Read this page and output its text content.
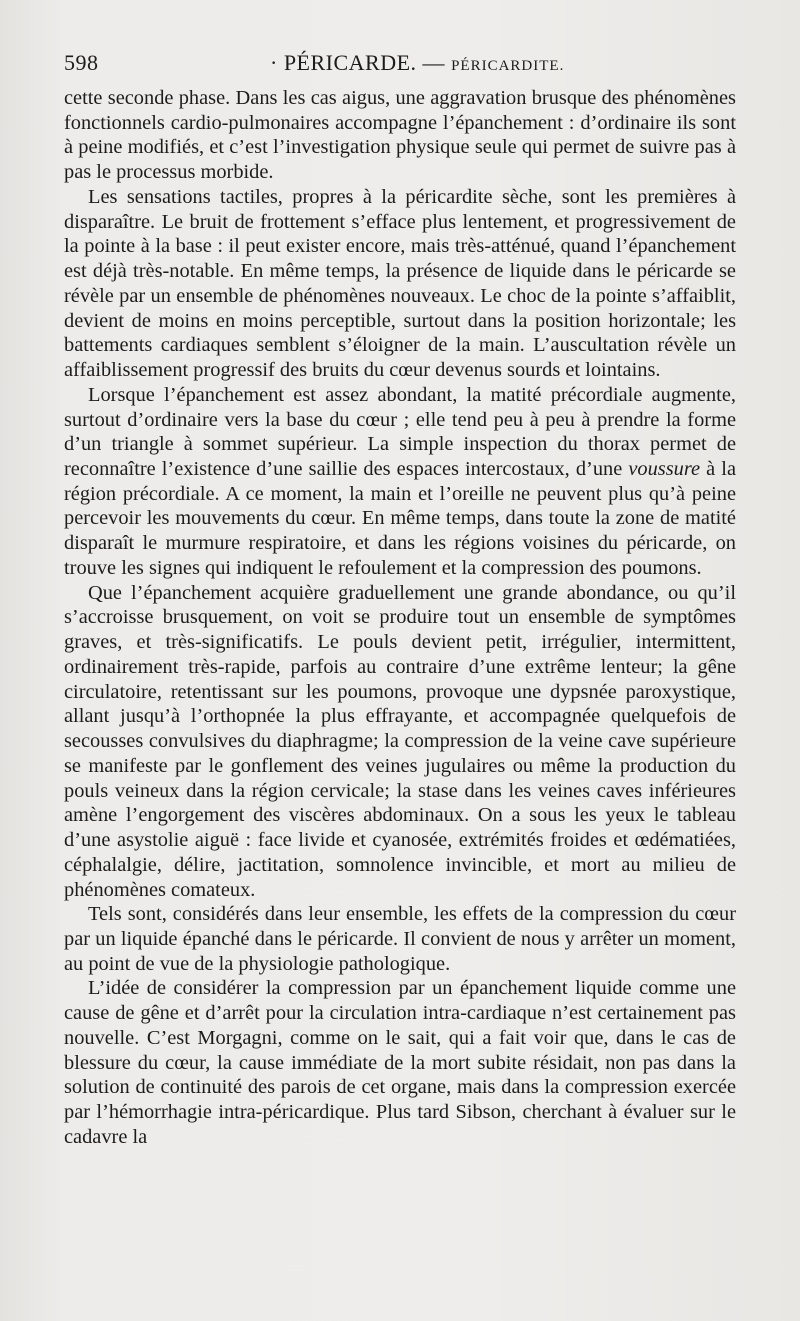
598	· PÉRICARDE. — PÉRICARDITE.

cette seconde phase. Dans les cas aigus, une aggravation brusque des phénomènes fonctionnels cardio-pulmonaires accompagne l’épanchement : d’ordinaire ils sont à peine modifiés, et c’est l’investigation physique seule qui permet de suivre pas à pas le processus morbide.

Les sensations tactiles, propres à la péricardite sèche, sont les premières à disparaître. Le bruit de frottement s’efface plus lentement, et progressivement de la pointe à la base : il peut exister encore, mais très-atténué, quand l’épanchement est déjà très-notable. En même temps, la présence de liquide dans le péricarde se révèle par un ensemble de phénomènes nouveaux. Le choc de la pointe s’affaiblit, devient de moins en moins perceptible, surtout dans la position horizontale; les battements cardiaques semblent s’éloigner de la main. L’auscultation révèle un affaiblissement progressif des bruits du cœur devenus sourds et lointains.

Lorsque l’épanchement est assez abondant, la matité précordiale augmente, surtout d’ordinaire vers la base du cœur ; elle tend peu à peu à prendre la forme d’un triangle à sommet supérieur. La simple inspection du thorax permet de reconnaître l’existence d’une saillie des espaces intercostaux, d’une voussure à la région précordiale. A ce moment, la main et l’oreille ne peuvent plus qu’à peine percevoir les mouvements du cœur. En même temps, dans toute la zone de matité disparaît le murmure respiratoire, et dans les régions voisines du péricarde, on trouve les signes qui indiquent le refoulement et la compression des poumons.

Que l’épanchement acquière graduellement une grande abondance, ou qu’il s’accroisse brusquement, on voit se produire tout un ensemble de symptômes graves, et très-significatifs. Le pouls devient petit, irrégulier, intermittent, ordinairement très-rapide, parfois au contraire d’une extrême lenteur; la gêne circulatoire, retentissant sur les poumons, provoque une dypsnée paroxystique, allant jusqu’à l’orthopnée la plus effrayante, et accompagnée quelquefois de secousses convulsives du diaphragme; la compression de la veine cave supérieure se manifeste par le gonflement des veines jugulaires ou même la production du pouls veineux dans la région cervicale; la stase dans les veines caves inférieures amène l’engorgement des viscères abdominaux. On a sous les yeux le tableau d’une asystolie aiguë : face livide et cyanosée, extrémités froides et œdématiées, céphalalgie, délire, jactitation, somnolence invincible, et mort au milieu de phénomènes comateux.

Tels sont, considérés dans leur ensemble, les effets de la compression du cœur par un liquide épanché dans le péricarde. Il convient de nous y arrêter un moment, au point de vue de la physiologie pathologique.

L’idée de considérer la compression par un épanchement liquide comme une cause de gêne et d’arrêt pour la circulation intra-cardiaque n’est certainement pas nouvelle. C’est Morgagni, comme on le sait, qui a fait voir que, dans le cas de blessure du cœur, la cause immédiate de la mort subite résidait, non pas dans la solution de continuité des parois de cet organe, mais dans la compression exercée par l’hémorrhagie intra-péricardique. Plus tard Sibson, cherchant à évaluer sur le cadavre la
